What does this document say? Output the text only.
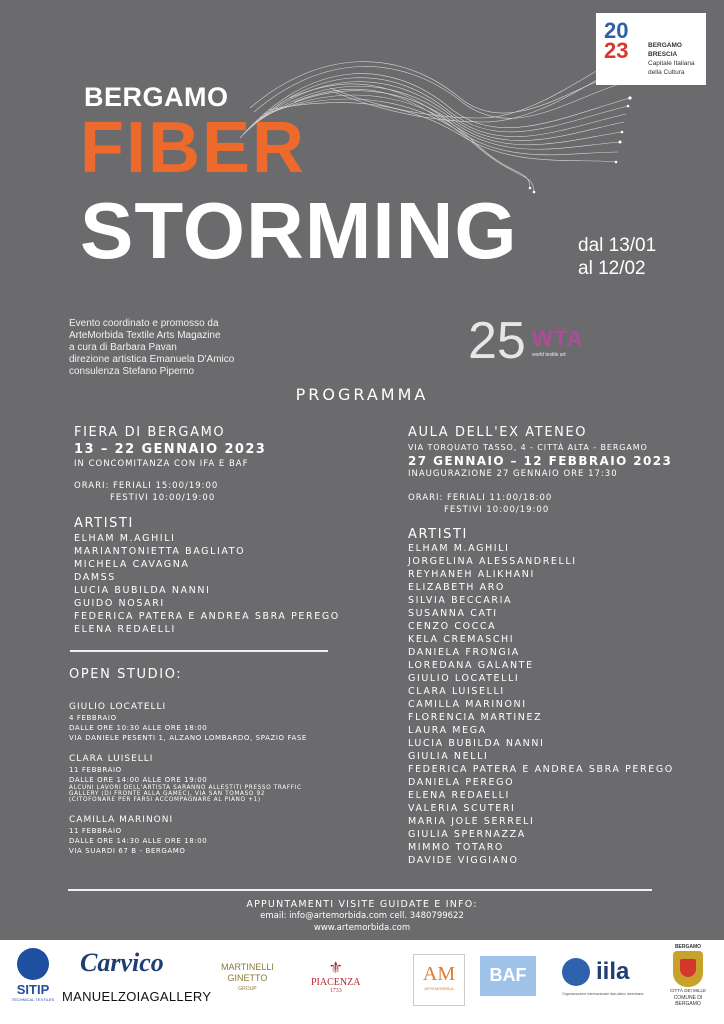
BERGAMO
FIBER
STORMING	dal 13/01
al 12/02
20
23	BERGAMO
BRESCIA
Capitale Italiana
della Cultura
Evento coordinato e promosso da
ArteMorbida Textile Arts Magazine
a cura di Barbara Pavan
direzione artistica Emanuela D'Amico
consulenza Stefano Piperno
25 WTA
world textile art
PROGRAMMA
FIERA DI BERGAMO
13 – 22 GENNAIO 2023
IN CONCOMITANZA CON IFA E BAF
ORARI: FERIALI 15:00/19:00
FESTIVI 10:00/19:00
ARTISTI
ELHAM M.AGHILI
MARIANTONIETTA BAGLIATO
MICHELA CAVAGNA
DAMSS
LUCIA BUBILDA NANNI
GUIDO NOSARI
FEDERICA PATERA E ANDREA SBRA PEREGO
ELENA REDAELLI
OPEN STUDIO:
GIULIO LOCATELLI
4 FEBBRAIO
DALLE ORE 10:30 ALLE ORE 18:00
VIA DANIELE PESENTI 1, ALZANO LOMBARDO, SPAZIO FASE
CLARA LUISELLI
11 FEBBRAIO
DALLE ORE 14:00 ALLE ORE 19:00
ALCUNI LAVORI DELL'ARTISTA SARANNO ALLESTITI PRESSO TRAFFIC
GALLERY (DI FRONTE ALLA GAMEC), VIA SAN TOMASO 92
(CITOFONARE PER FARSI ACCOMPAGNARE AL PIANO +1)
CAMILLA MARINONI
11 FEBBRAIO
DALLE ORE 14:30 ALLE ORE 18:00
VIA SUARDI 67 B - BERGAMO
AULA DELL'EX ATENEO
VIA TORQUATO TASSO, 4 - CITTÀ ALTA - BERGAMO
27 GENNAIO – 12 FEBBRAIO 2023
INAUGURAZIONE 27 GENNAIO ORE 17:30
ORARI: FERIALI 11:00/18:00
FESTIVI 10:00/19:00
ARTISTI
ELHAM M.AGHILI
JORGELINA ALESSANDRELLI
REYHANEH ALIKHANI
ELIZABETH ARO
SILVIA BECCARIA
SUSANNA CATI
CENZO COCCA
KELA CREMASCHI
DANIELA FRONGIA
LOREDANA GALANTE
GIULIO LOCATELLI
CLARA LUISELLI
CAMILLA MARINONI
FLORENCIA MARTINEZ
LAURA MEGA
LUCIA BUBILDA NANNI
GIULIA NELLI
FEDERICA PATERA E ANDREA SBRA PEREGO
DANIELA PEREGO
ELENA REDAELLI
VALERIA SCUTERI
MARIA JOLE SERRELI
GIULIA SPERNAZZA
MIMMO TOTARO
DAVIDE VIGGIANO
APPUNTAMENTI VISITE GUIDATE E INFO:
email: info@artemorbida.com cell. 3480799622
www.artemorbida.com
SITIP
TECHNICAL TEXTILES
Carvico
MANUELZOIAGALLERY
MARTINELLI
GINETTO
GROUP
⚜
PIACENZA
1733
AM
ARTEMORBIDA
BAF	iila
Organizzazione internazionale italo-latino americana
BERGAMO
CITTÀ DEI MILLE
COMUNE DI BERGAMO
